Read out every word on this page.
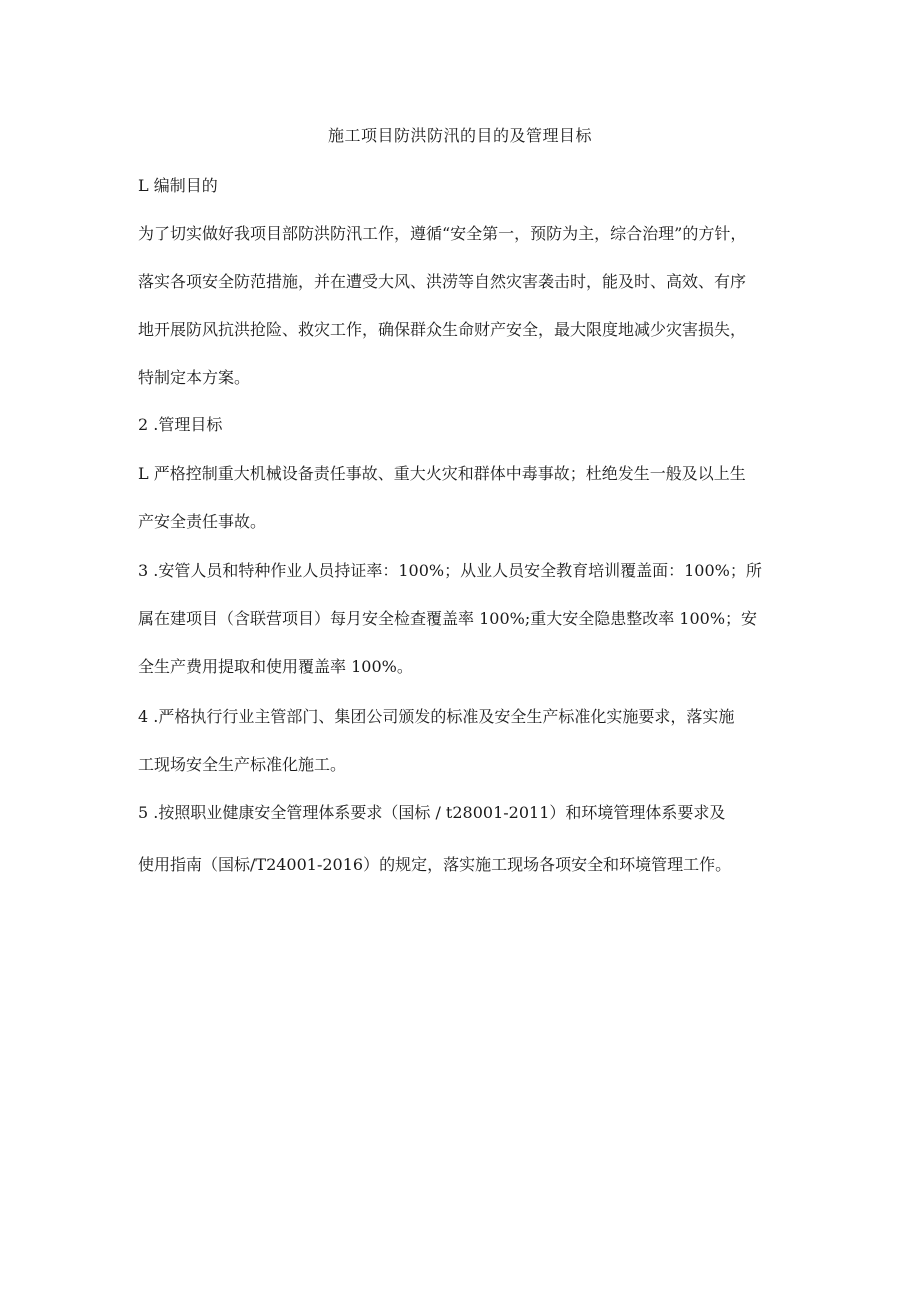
施工项目防洪防汛的目的及管理目标
L 编制目的
为了切实做好我项目部防洪防汛工作，遵循“安全第一，预防为主，综合治理”的方针，
落实各项安全防范措施，并在遭受大风、洪涝等自然灾害袭击时，能及时、高效、有序
地开展防风抗洪抢险、救灾工作，确保群众生命财产安全，最大限度地减少灾害损失，
特制定本方案。
2 .管理目标
L 严格控制重大机械设备责任事故、重大火灾和群体中毒事故；杜绝发生一般及以上生
产安全责任事故。
3 .安管人员和特种作业人员持证率：100%；从业人员安全教育培训覆盖面：100%；所
属在建项目（含联营项目）每月安全检查覆盖率 100%;重大安全隐患整改率 100%；安
全生产费用提取和使用覆盖率 100%。
4 .严格执行行业主管部门、集团公司颁发的标准及安全生产标准化实施要求，落实施
工现场安全生产标准化施工。
5 .按照职业健康安全管理体系要求（国标 / t28001-2011）和环境管理体系要求及
使用指南（国标/T24001-2016）的规定，落实施工现场各项安全和环境管理工作。
